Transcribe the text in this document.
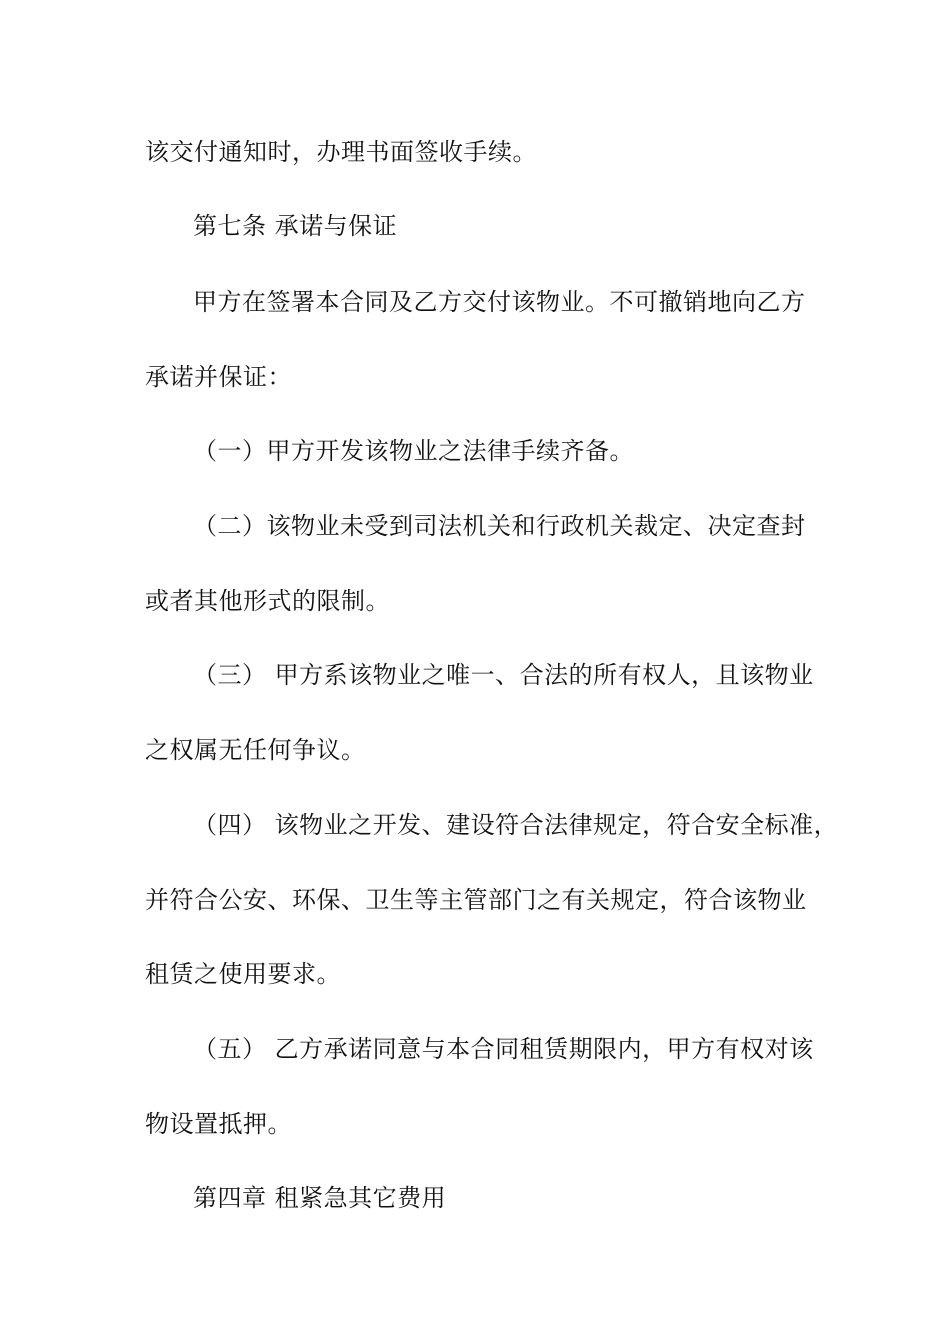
该交付通知时，办理书面签收手续。
第七条 承诺与保证
甲方在签署本合同及乙方交付该物业。不可撤销地向乙方
承诺并保证：
（一）甲方开发该物业之法律手续齐备。
（二）该物业未受到司法机关和行政机关裁定、决定查封
或者其他形式的限制。
（三） 甲方系该物业之唯一、合法的所有权人，且该物业
之权属无任何争议。
（四） 该物业之开发、建设符合法律规定，符合安全标准，
并符合公安、环保、卫生等主管部门之有关规定，符合该物业
租赁之使用要求。
（五） 乙方承诺同意与本合同租赁期限内，甲方有权对该
物设置抵押。
第四章 租紧急其它费用
